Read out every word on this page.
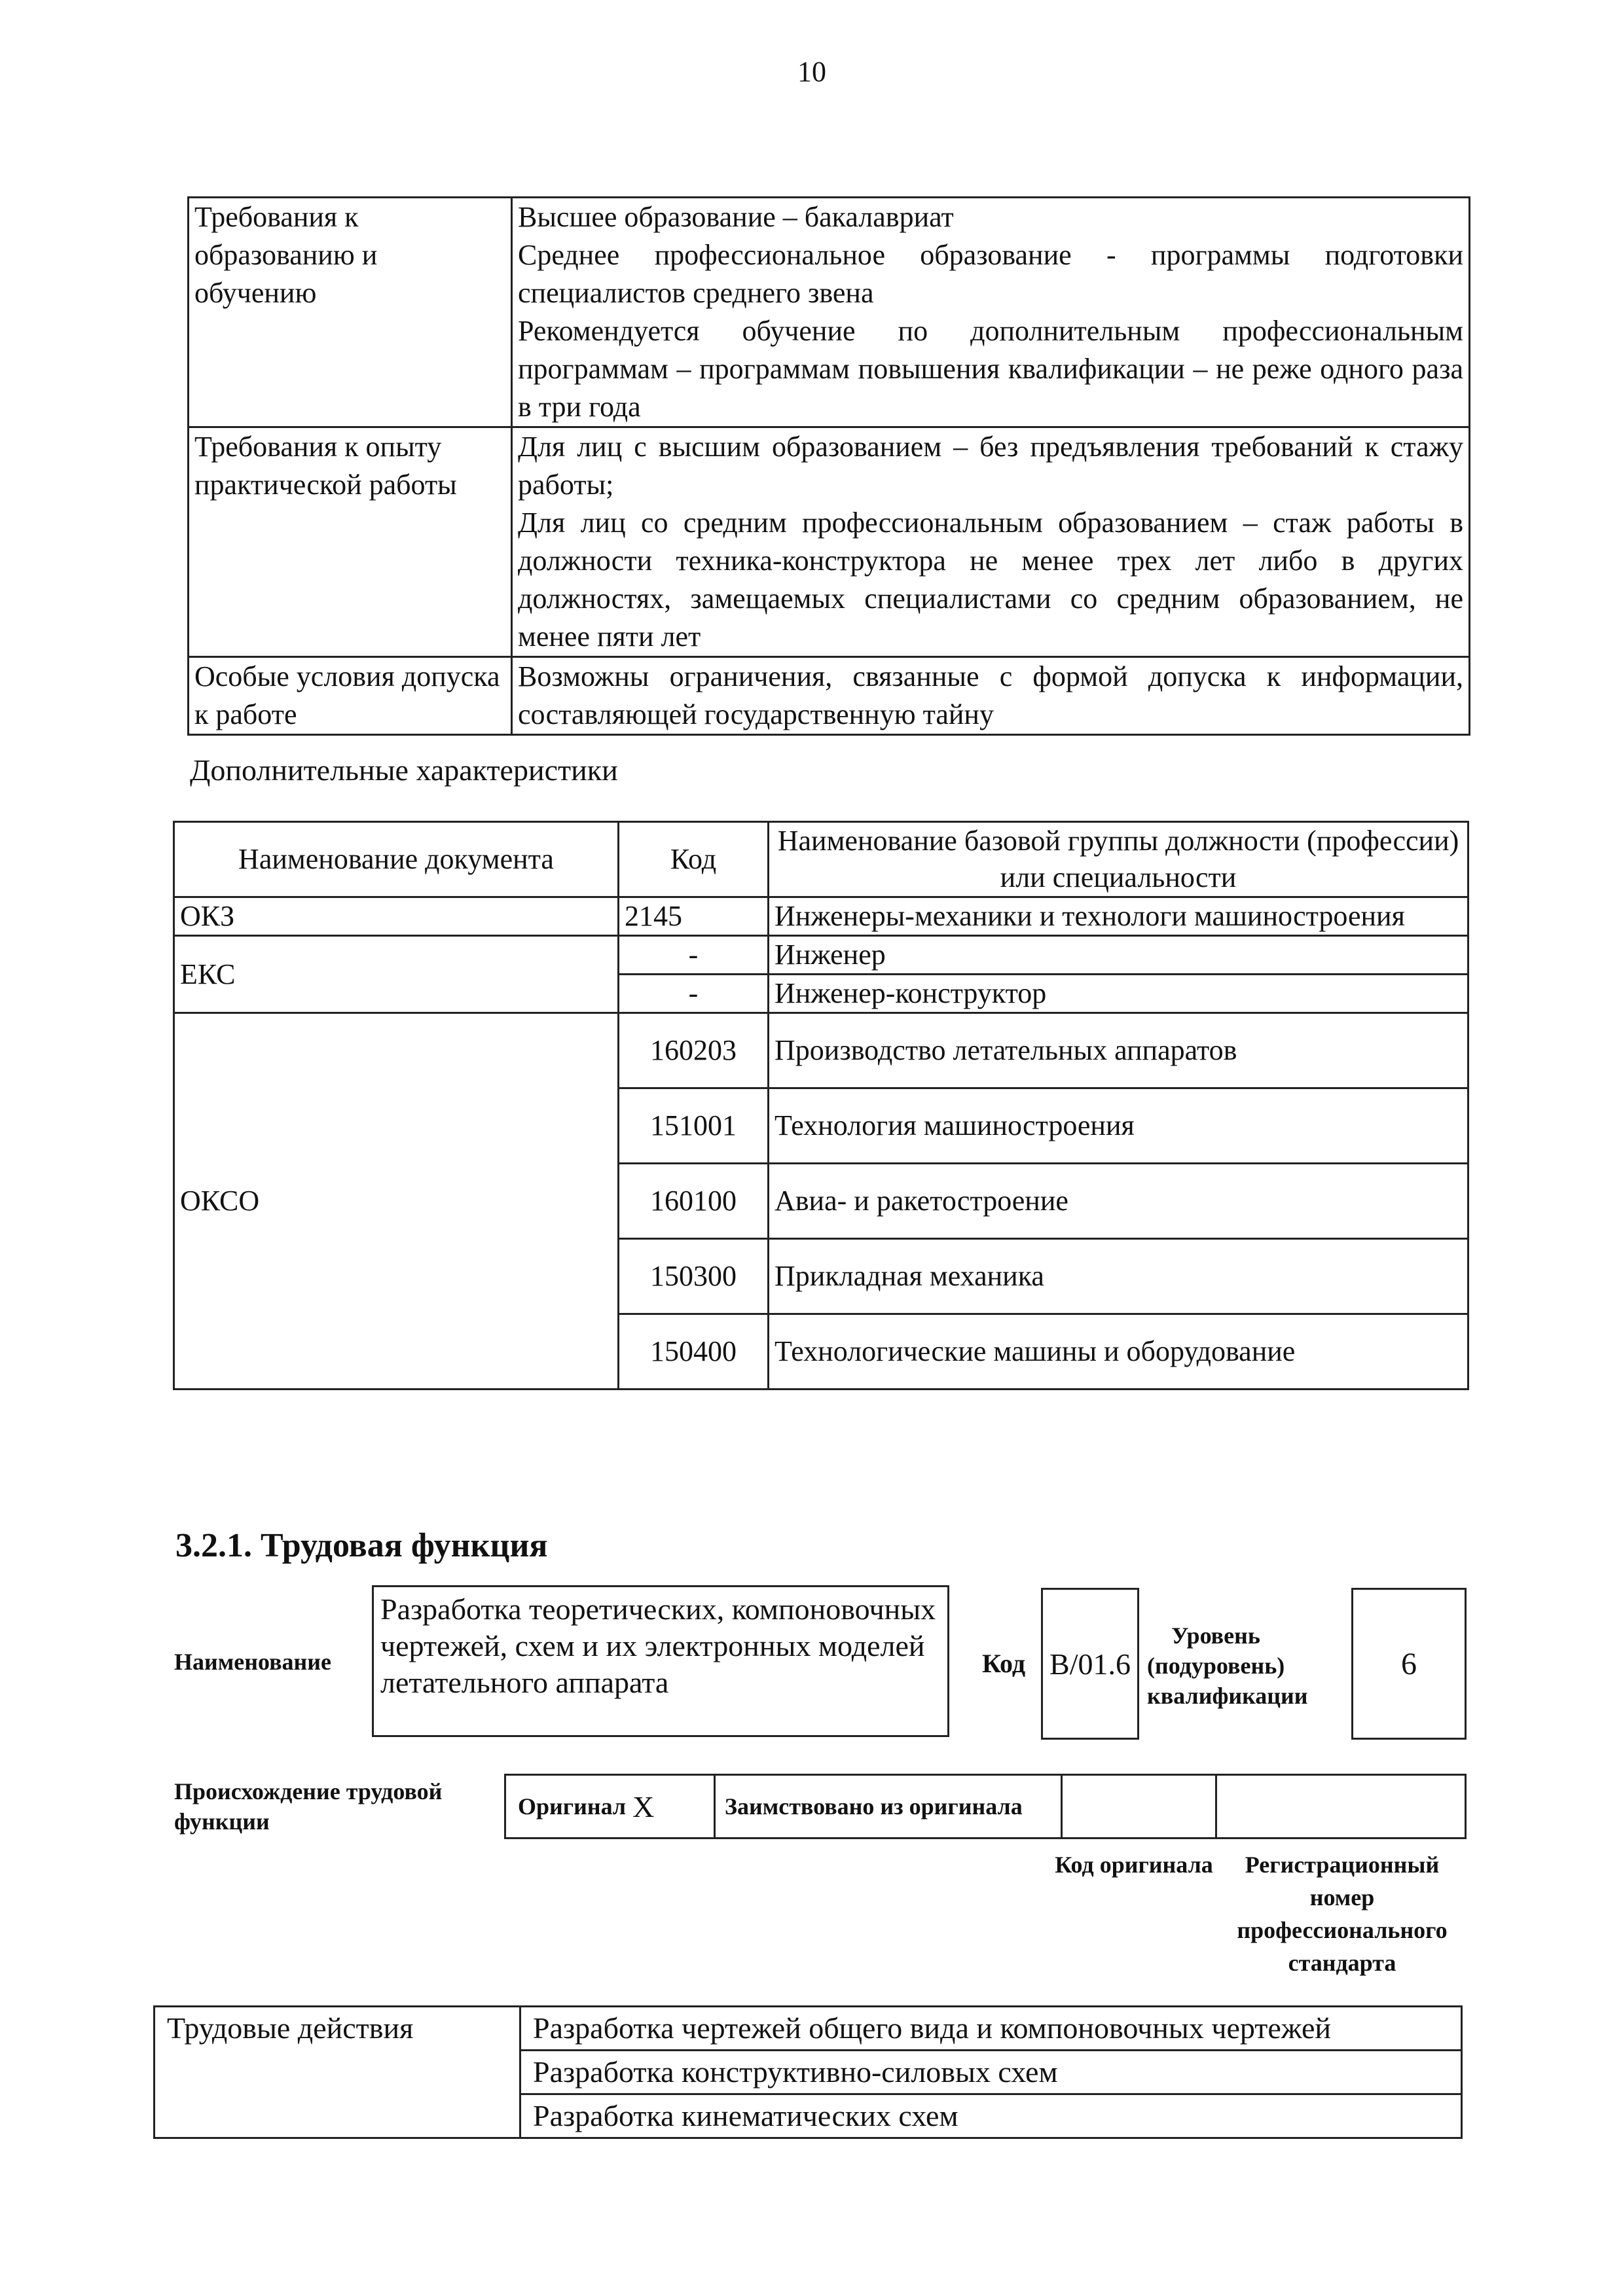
10
Требования к образованию и обучению	Высшее образование – бакалавриат
Среднее профессиональное образование - программы подготовки специалистов среднего звена
Рекомендуется обучение по дополнительным профессиональным программам – программам повышения квалификации – не реже одного раза в три года

Требования к опыту практической работы	Для лиц с высшим образованием – без предъявления требований к стажу работы;
Для лиц со средним профессиональным образованием – стаж работы в должности техника-конструктора не менее трех лет либо в других должностях, замещаемых специалистами со средним образованием, не менее пяти лет

Особые условия допуска к работе	Возможны ограничения, связанные с формой допуска к информации, составляющей государственную тайну
Дополнительные характеристики
Наименование документа	Код	Наименование базовой группы должности (профессии) или специальности
ОКЗ	2145	Инженеры-механики и технологи машиностроения
ЕКС	-	Инженер
	-	Инженер-конструктор
ОКСО	160203	Производство летательных аппаратов
	151001	Технология машиностроения
	160100	Авиа- и ракетостроение
	150300	Прикладная механика
	150400	Технологические машины и оборудование
3.2.1. Трудовая функция
Наименование
Разработка теоретических, компоновочных чертежей, схем и их электронных моделей летательного аппарата
Код B/01.6
Уровень (подуровень) квалификации
6
Происхождение трудовой функции
Оригинал X	Заимствовано из оригинала
Код оригинала	Регистрационный номер профессионального стандарта
Трудовые действия	Разработка чертежей общего вида и компоновочных чертежей
Разработка конструктивно-силовых схем
Разработка кинематических схем
